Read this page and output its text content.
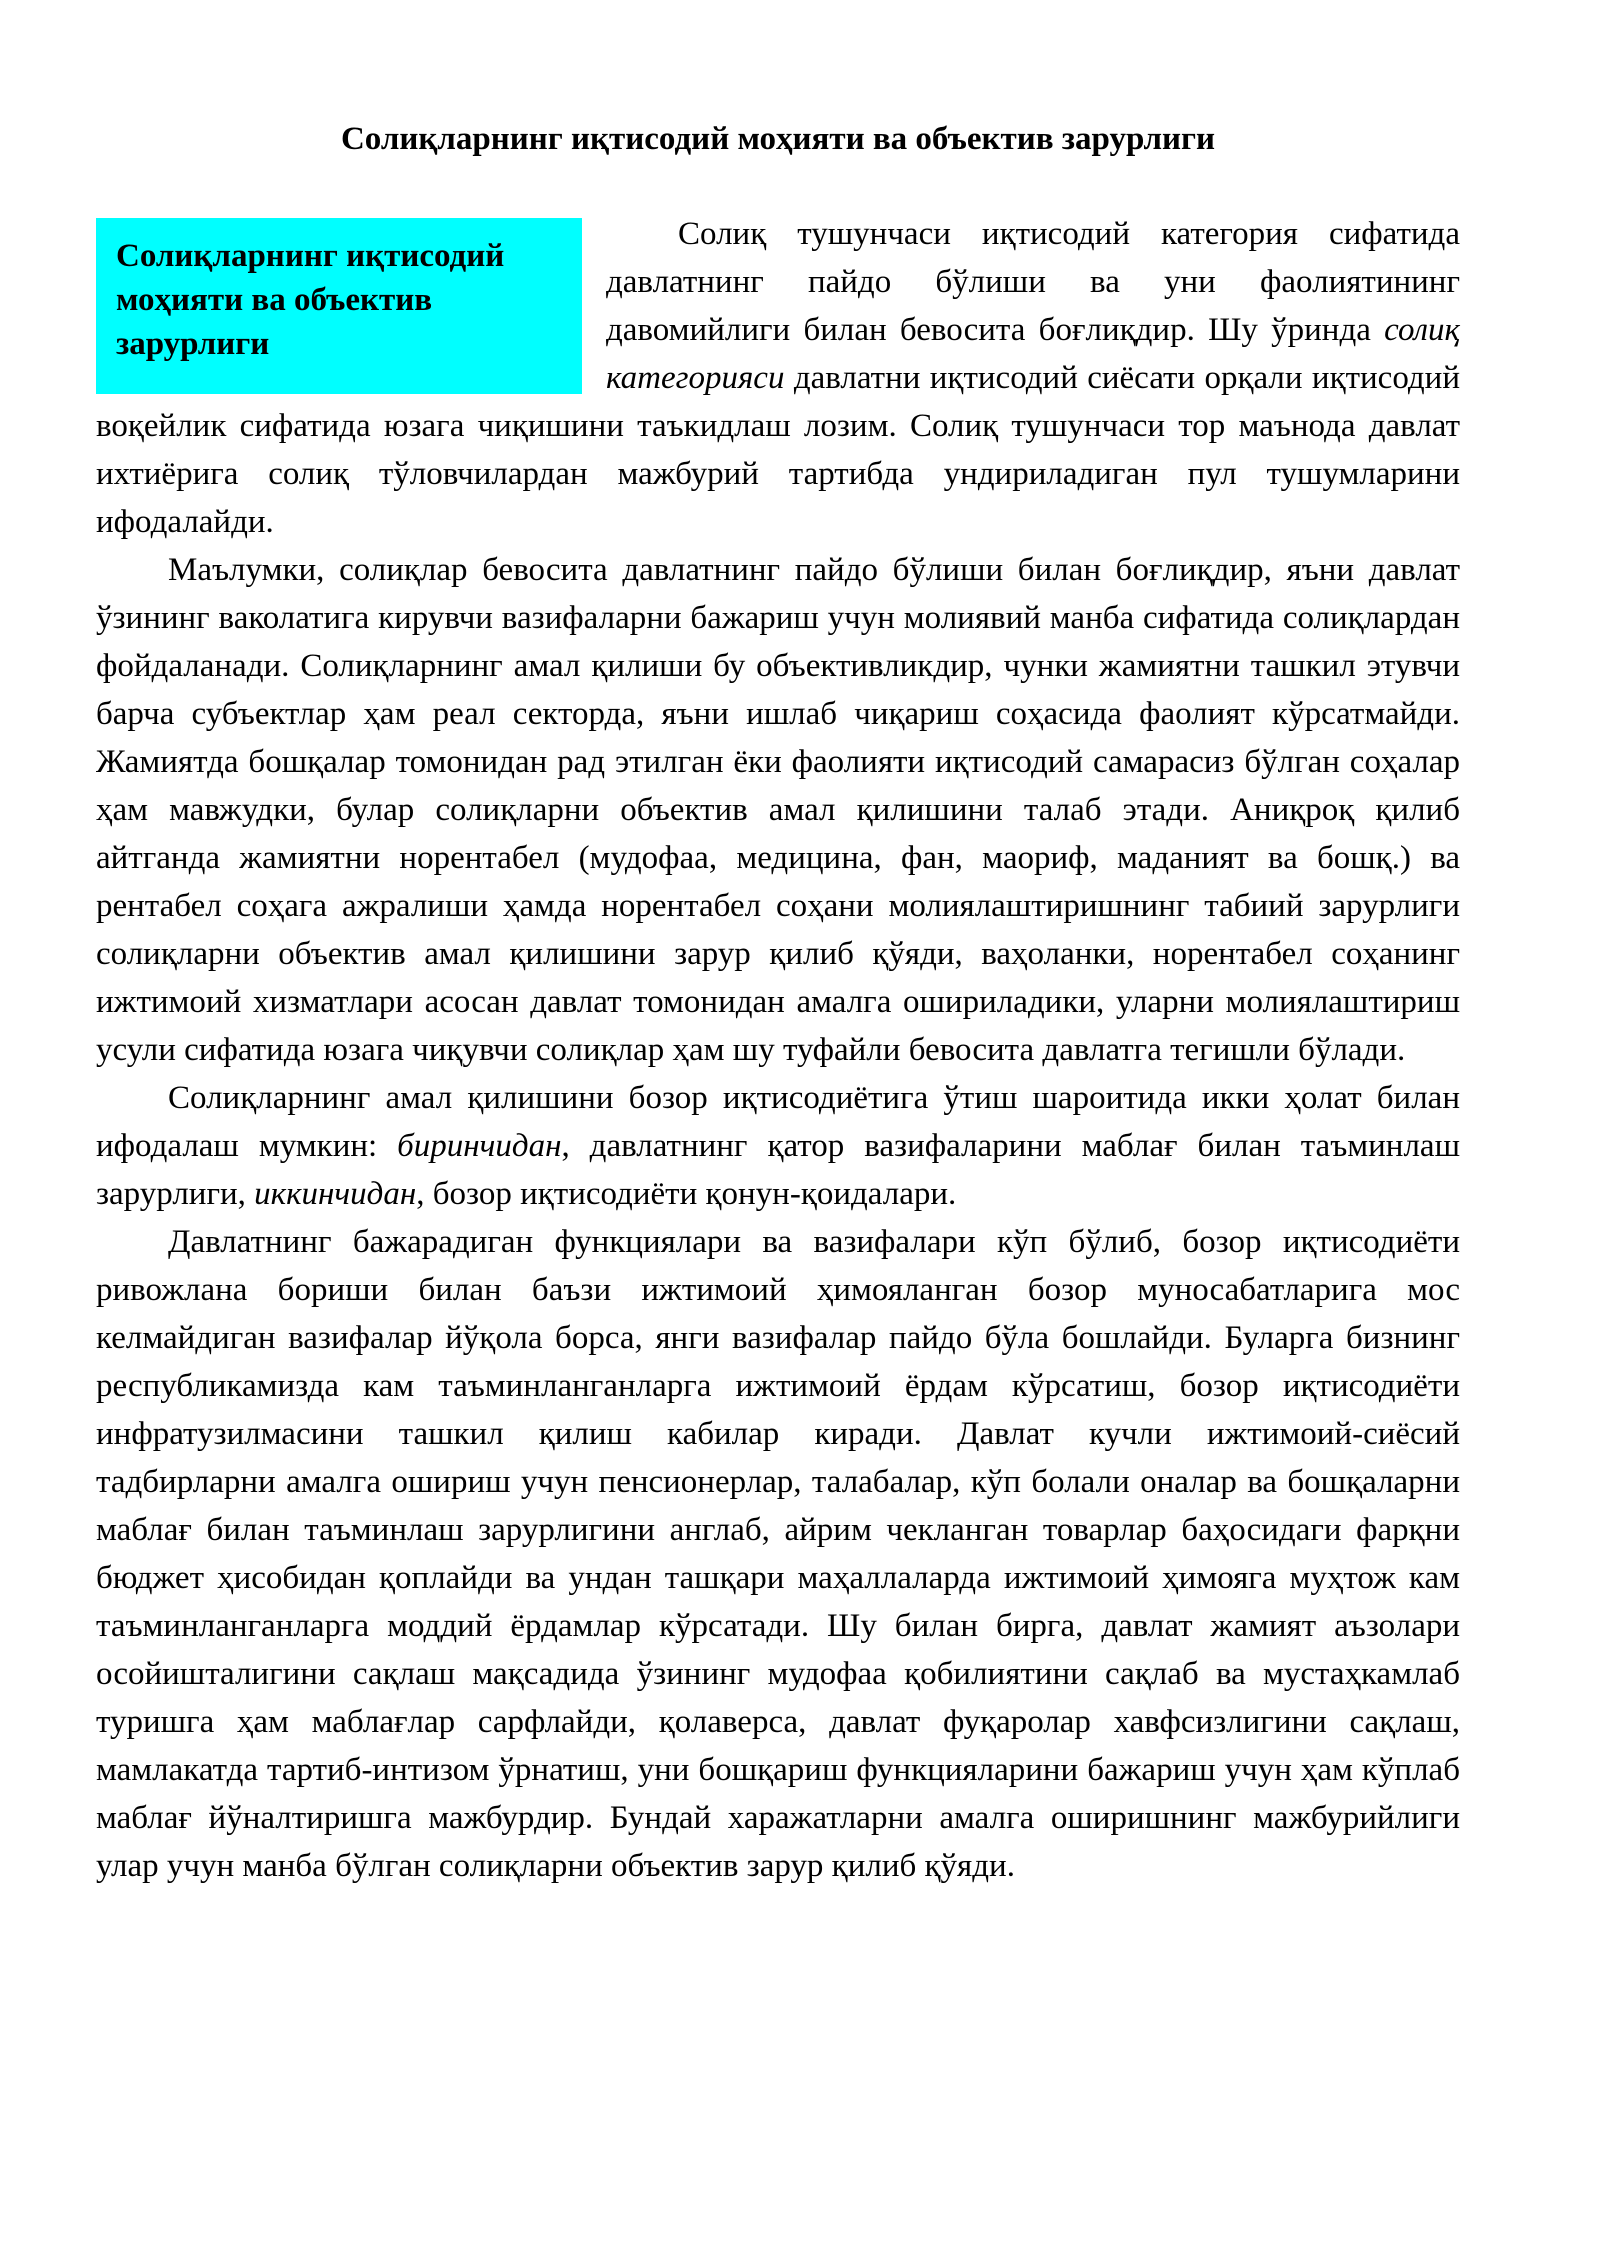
Солиқларнинг иқтисодий моҳияти ва объектив зарурлиги
Солиқларнинг иқтисодий моҳияти ва объектив зарурлиги

Солиқ тушунчаси иқтисодий категория сифатида давлатнинг пайдо бўлиши ва уни фаолиятининг давомийлиги билан бевосита боғлиқдир. Шу ўринда солиқ категорияси давлатни иқтисодий сиёсати орқали иқтисодий воқейлик сифатида юзага чиқишини таъкидлаш лозим. Солиқ тушунчаси тор маънода давлат ихтиёрига солиқ тўловчилардан мажбурий тартибда ундириладиган пул тушумларини ифодалайди.

Маълумки, солиқлар бевосита давлатнинг пайдо бўлиши билан боғлиқдир, яъни давлат ўзининг ваколатига кирувчи вазифаларни бажариш учун молиявий манба сифатида солиқлардан фойдаланади. Солиқларнинг амал қилиши бу объективликдир, чунки жамиятни ташкил этувчи барча субъектлар ҳам реал секторда, яъни ишлаб чиқариш соҳасида фаолият кўрсатмайди. Жамиятда бошқалар томонидан рад этилган ёки фаолияти иқтисодий самарасиз бўлган соҳалар ҳам мавжудки, булар солиқларни объектив амал қилишини талаб этади. Аниқроқ қилиб айтганда жамиятни норентабел (мудофаа, медицина, фан, маориф, маданият ва бошқ.) ва рентабел соҳага ажралиши ҳамда норентабел соҳани молиялаштиришнинг табиий зарурлиги солиқларни объектив амал қилишини зарур қилиб қўяди, ваҳоланки, норентабел соҳанинг ижтимоий хизматлари асосан давлат томонидан амалга ошириладики, уларни молиялаштириш усули сифатида юзага чиқувчи солиқлар ҳам шу туфайли бевосита давлатга тегишли бўлади.

Солиқларнинг амал қилишини бозор иқтисодиётига ўтиш шароитида икки ҳолат билан ифодалаш мумкин: биринчидан, давлатнинг қатор вазифаларини маблағ билан таъминлаш зарурлиги, иккинчидан, бозор иқтисодиёти қонун-қоидалари.

Давлатнинг бажарадиган функциялари ва вазифалари кўп бўлиб, бозор иқтисодиёти ривожлана бориши билан баъзи ижтимоий ҳимояланган бозор муносабатларига мос келмайдиган вазифалар йўқола борса, янги вазифалар пайдо бўла бошлайди. Буларга бизнинг республикамизда кам таъминланганларга ижтимоий ёрдам кўрсатиш, бозор иқтисодиёти инфратузилмасини ташкил қилиш кабилар киради. Давлат кучли ижтимоий-сиёсий тадбирларни амалга ошириш учун пенсионерлар, талабалар, кўп болали оналар ва бошқаларни маблағ билан таъминлаш зарурлигини англаб, айрим чекланган товарлар баҳосидаги фарқни бюджет ҳисобидан қоплайди ва ундан ташқари маҳаллаларда ижтимоий ҳимояга муҳтож кам таъминланганларга моддий ёрдамлар кўрсатади. Шу билан бирга, давлат жамият аъзолари осойишталигини сақлаш мақсадида ўзининг мудофаа қобилиятини сақлаб ва мустаҳкамлаб туришга ҳам маблағлар сарфлайди, қолаверса, давлат фуқаролар хавфсизлигини сақлаш, мамлакатда тартиб-интизом ўрнатиш, уни бошқариш функцияларини бажариш учун ҳам кўплаб маблағ йўналтиришга мажбурдир. Бундай харажатларни амалга оширишнинг мажбурийлиги улар учун манба бўлган солиқларни объектив зарур қилиб қўяди.
